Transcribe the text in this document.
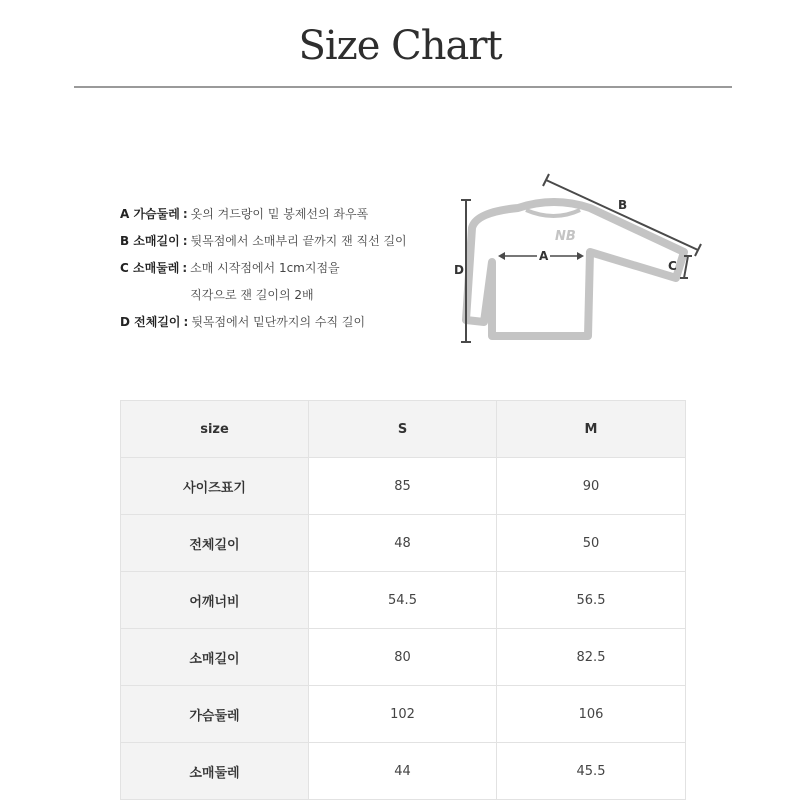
Size Chart
A 가슴둘레 : 옷의 겨드랑이 밑 봉제선의 좌우폭
B 소매길이 : 뒷목점에서 소매부리 끝까지 잰 직선 길이
C 소매둘레 : 소매 시작점에서 1cm지점을
직각으로 잰 길이의 2배
D 전체길이 : 뒷목점에서 밑단까지의 수직 길이
NB
A
B
C
D
size	S	M
사이즈표기	85	90
전체길이	48	50
어깨너비	54.5	56.5
소매길이	80	82.5
가슴둘레	102	106
소매둘레	44	45.5
